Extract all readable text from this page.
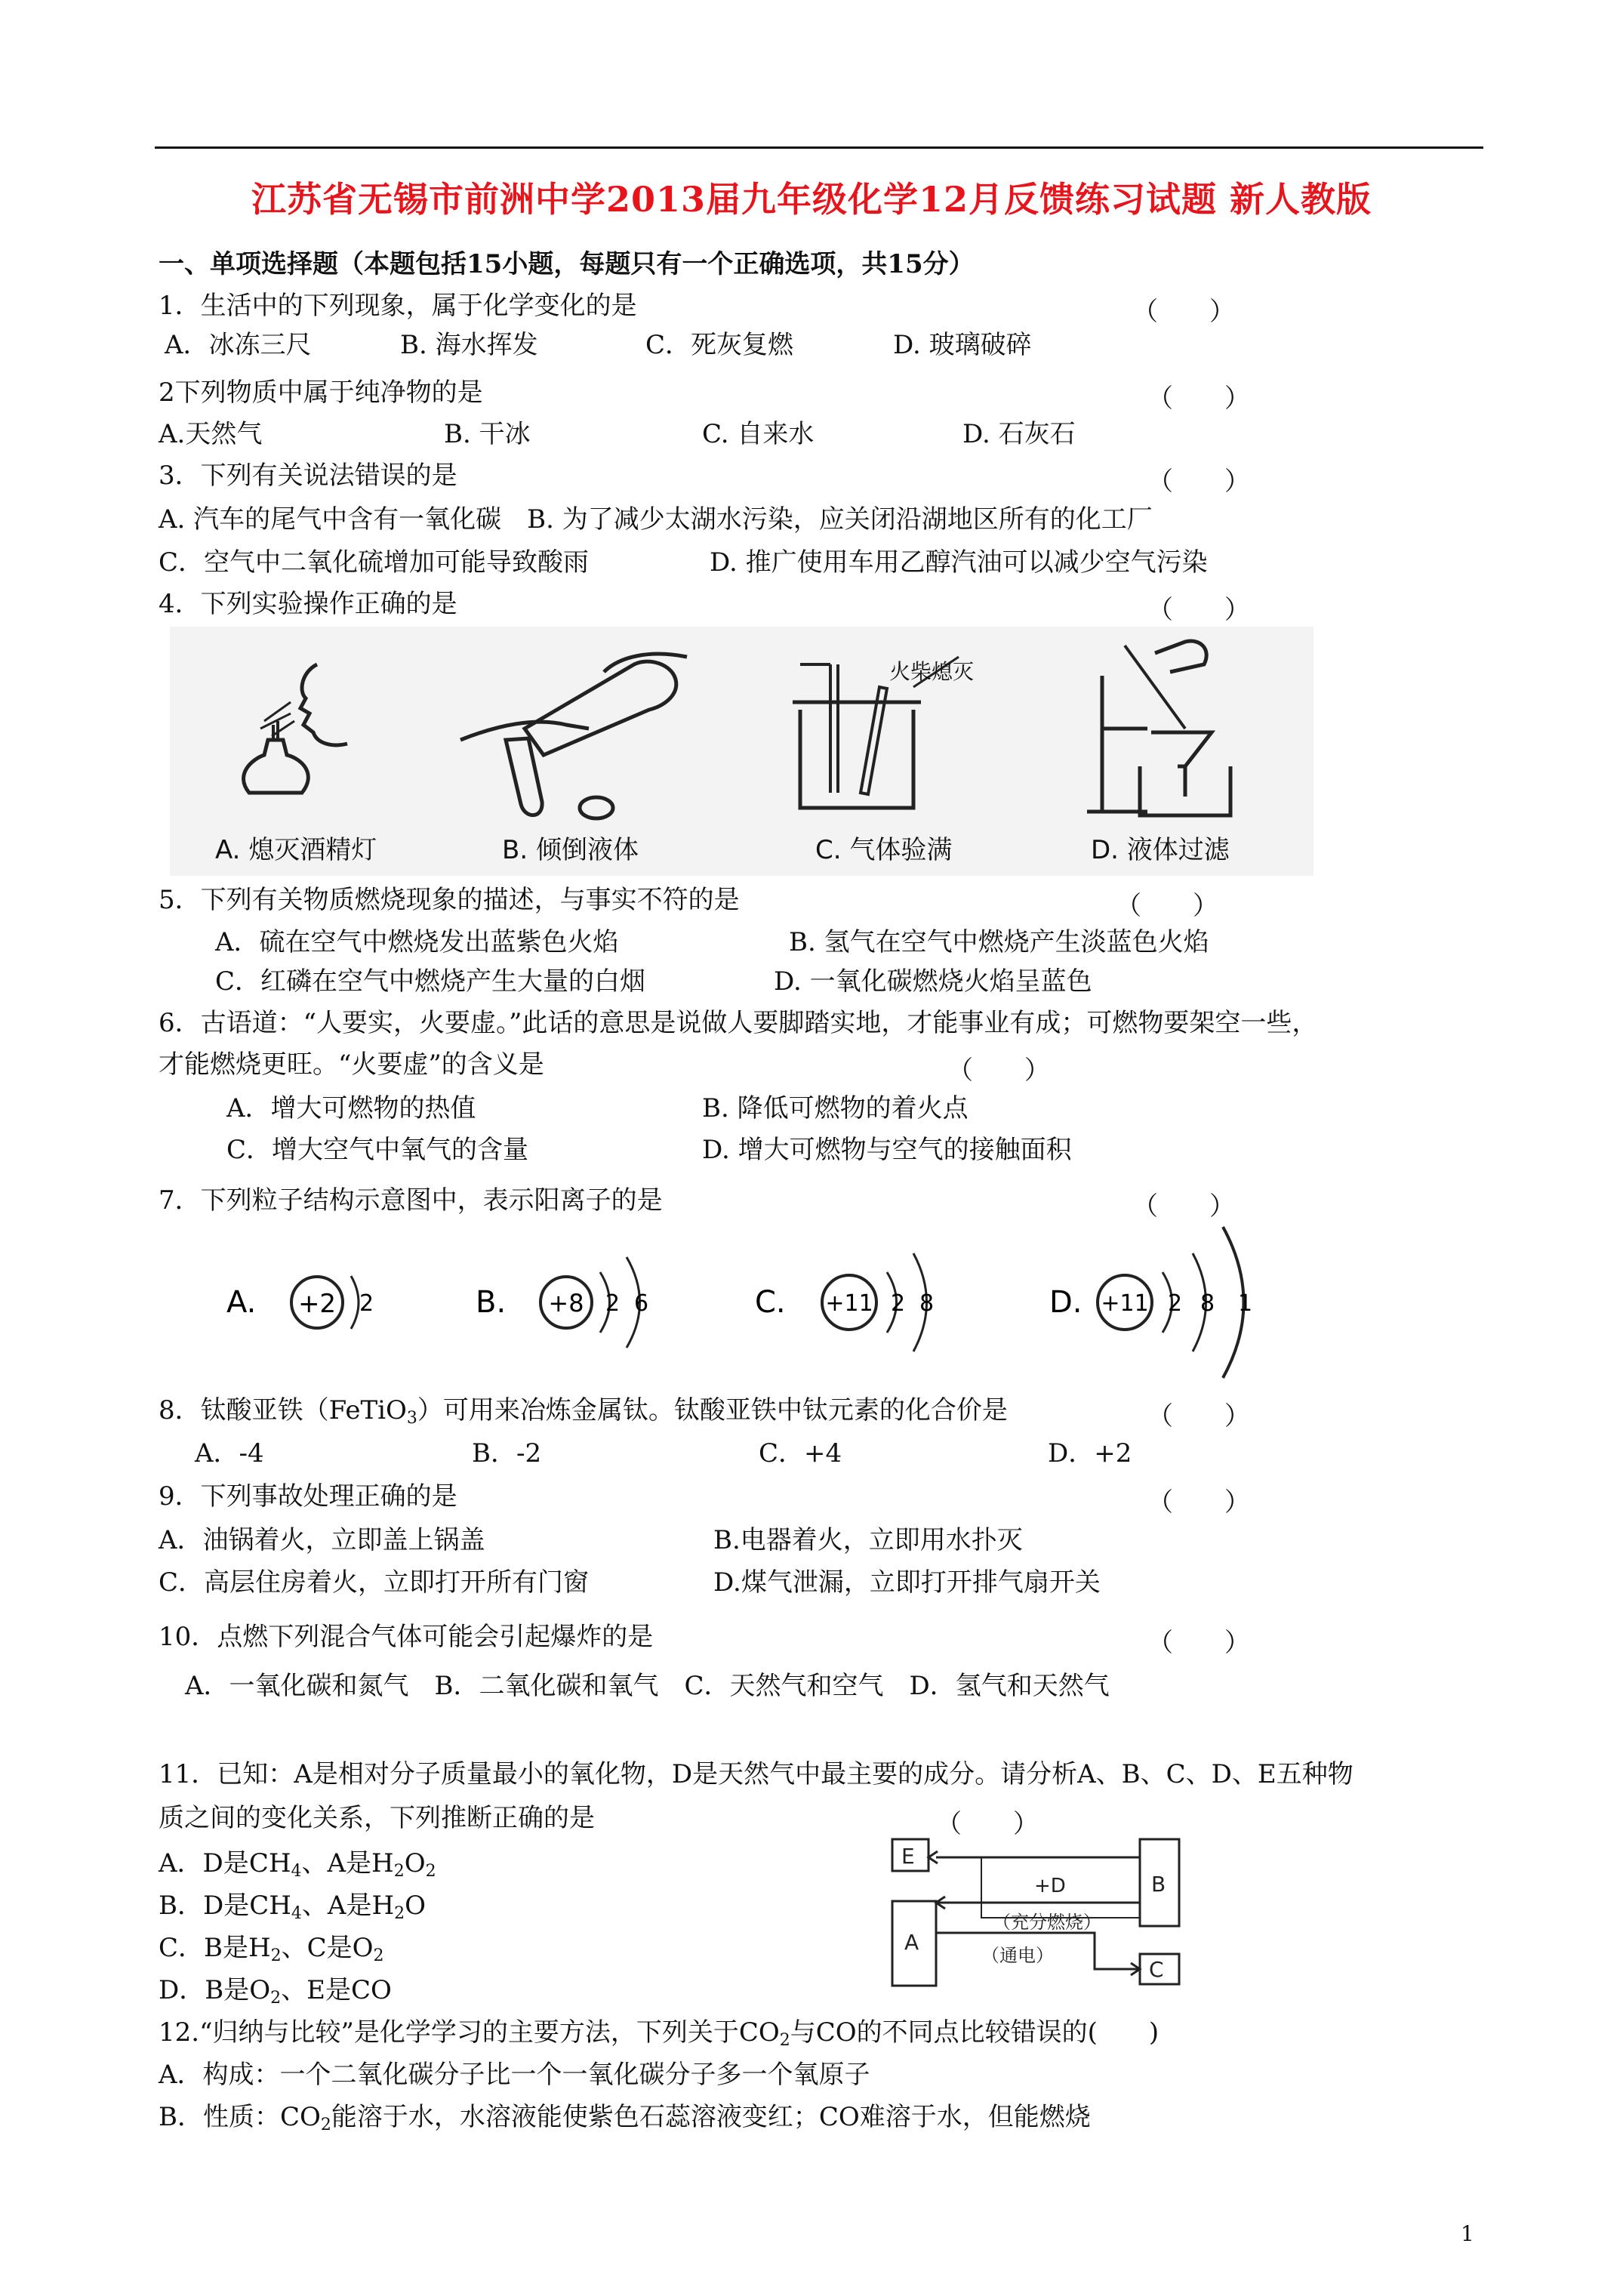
江苏省无锡市前洲中学2013届九年级化学12月反馈练习试题 新人教版
一、单项选择题（本题包括15小题，每题只有一个正确选项，共15分）
1．生活中的下列现象，属于化学变化的是	（　　）
A．冰冻三尺	B. 海水挥发	C．死灰复燃	D. 玻璃破碎
2下列物质中属于纯净物的是	（　　）
A.天然气	B. 干冰	C. 自来水	D. 石灰石
3．下列有关说法错误的是	（　　）
A. 汽车的尾气中含有一氧化碳　B. 为了减少太湖水污染，应关闭沿湖地区所有的化工厂
C．空气中二氧化硫增加可能导致酸雨	D. 推广使用车用乙醇汽油可以减少空气污染
4．下列实验操作正确的是	（　　）
A. 熄灭酒精灯	B. 倾倒液体
火柴熄灭
C. 气体验满	D. 液体过滤
5．下列有关物质燃烧现象的描述，与事实不符的是	（　　）
A．硫在空气中燃烧发出蓝紫色火焰	B. 氢气在空气中燃烧产生淡蓝色火焰
C．红磷在空气中燃烧产生大量的白烟	D. 一氧化碳燃烧火焰呈蓝色
6．古语道：“人要实，火要虚。”此话的意思是说做人要脚踏实地，才能事业有成；可燃物要架空一些，
才能燃烧更旺。“火要虚”的含义是	（　　）
A．增大可燃物的热值	B. 降低可燃物的着火点
C．增大空气中氧气的含量	D. 增大可燃物与空气的接触面积
7．下列粒子结构示意图中，表示阳离子的是	（　　）
A. +2 2	B. +8 2 6	C. +11 2 8	D. +11 2 8 1
8．钛酸亚铁（FeTiO$_3$）可用来冶炼金属钛。钛酸亚铁中钛元素的化合价是	（　　）
A．-4	B．-2	C．+4	D．+2
9．下列事故处理正确的是	（　　）
A．油锅着火，立即盖上锅盖	B.电器着火，立即用水扑灭
C．高层住房着火，立即打开所有门窗	D.煤气泄漏，立即打开排气扇开关
10．点燃下列混合气体可能会引起爆炸的是	（　　）
A．一氧化碳和氮气　B．二氧化碳和氧气　C．天然气和空气　D．氢气和天然气
11．已知：A是相对分子质量最小的氧化物，D是天然气中最主要的成分。请分析A、B、C、D、E五种物
质之间的变化关系，下列推断正确的是	（　　）
A．D是$CH_4$、A是$H_2O_2$
B．D是$CH_4$、A是$H_2O$
C．B是$H_2$、C是$O_2$
D．B是$O_2$、E是CO
E
B
A
C
+D
（充分燃烧）
（通电）
12.“归纳与比较”是化学学习的主要方法，下列关于$CO_2$与CO的不同点比较错误的(　　)
A．构成：一个二氧化碳分子比一个一氧化碳分子多一个氧原子
B．性质：$CO_2$能溶于水，水溶液能使紫色石蕊溶液变红；CO难溶于水，但能燃烧
1
